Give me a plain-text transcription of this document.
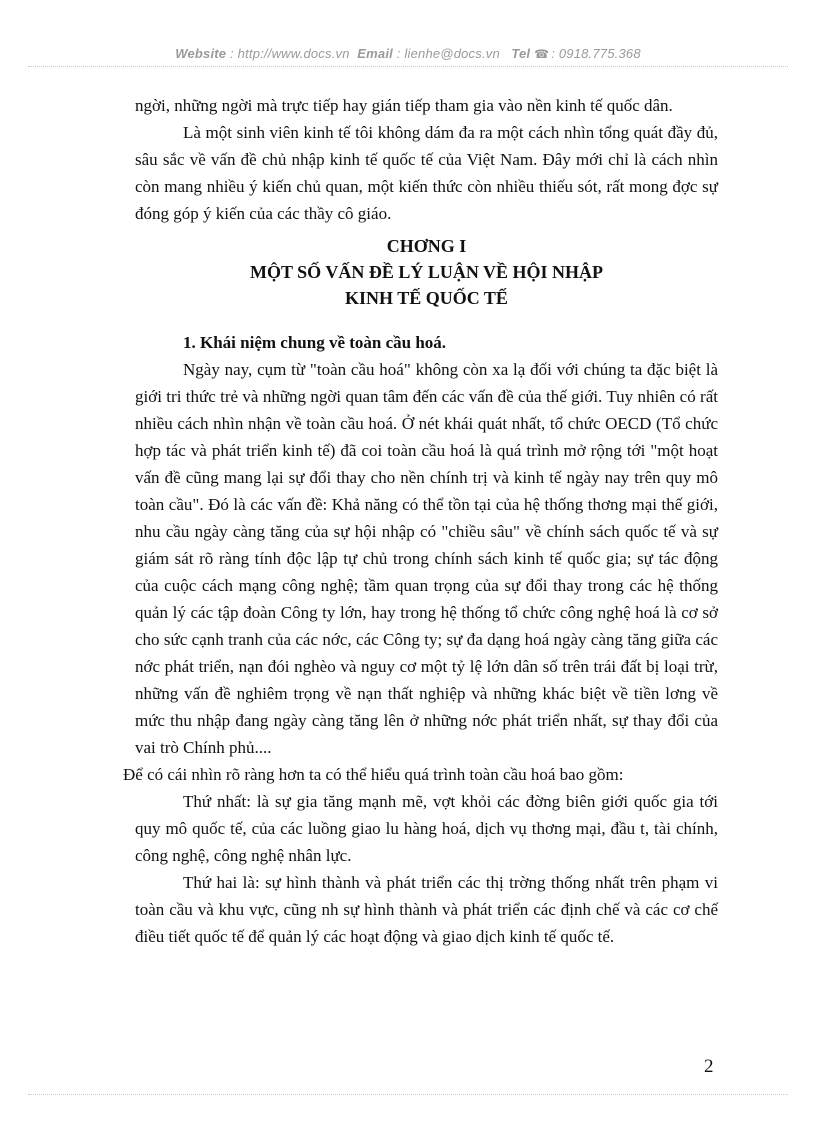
Website : http://www.docs.vn Email : lienhe@docs.vn Tel ☎ : 0918.775.368

ngời, những ngời mà trực tiếp hay gián tiếp tham gia vào nền kinh tế quốc dân.

Là một sinh viên kinh tế tôi không dám đa ra một cách nhìn tổng quát đầy đủ, sâu sắc về vấn đề chủ nhập kinh tế quốc tế của Việt Nam. Đây mới chỉ là cách nhìn còn mang nhiều ý kiến chủ quan, một kiến thức còn nhiều thiếu sót, rất mong đợc sự đóng góp ý kiến của các thầy cô giáo.

CHƠNG I
MỘT SỐ VẤN ĐỀ LÝ LUẬN VỀ HỘI NHẬP
KINH TẾ QUỐC TẾ

1. Khái niệm chung về toàn cầu hoá.

Ngày nay, cụm từ "toàn cầu hoá" không còn xa lạ đối với chúng ta đặc biệt là giới tri thức trẻ và những ngời quan tâm đến các vấn đề của thế giới. Tuy nhiên có rất nhiều cách nhìn nhận về toàn cầu hoá. Ở nét khái quát nhất, tổ chức OECD (Tổ chức hợp tác và phát triển kinh tế) đã coi toàn cầu hoá là quá trình mở rộng tới "một hoạt vấn đề cũng mang lại sự đổi thay cho nền chính trị và kinh tế ngày nay trên quy mô toàn cầu". Đó là các vấn đề: Khả năng có thể tồn tại của hệ thống thơng mại thế giới, nhu cầu ngày càng tăng của sự hội nhập có "chiều sâu" về chính sách quốc tế và sự giám sát rõ ràng tính độc lập tự chủ trong chính sách kinh tế quốc gia; sự tác động của cuộc cách mạng công nghệ; tầm quan trọng của sự đổi thay trong các hệ thống quản lý các tập đoàn Công ty lớn, hay trong hệ thống tổ chức công nghệ hoá là cơ sở cho sức cạnh tranh của các nớc, các Công ty; sự đa dạng hoá ngày càng tăng giữa các nớc phát triển, nạn đói nghèo và nguy cơ một tỷ lệ lớn dân số trên trái đất bị loại trừ, những vấn đề nghiêm trọng về nạn thất nghiệp và những khác biệt về tiền lơng về mức thu nhập đang ngày càng tăng lên ở những nớc phát triển nhất, sự thay đổi của vai trò Chính phủ....

Để có cái nhìn rõ ràng hơn ta có thể hiểu quá trình toàn cầu hoá bao gồm:

Thứ nhất: là sự gia tăng mạnh mẽ, vợt khỏi các đờng biên giới quốc gia tới quy mô quốc tế, của các luồng giao lu hàng hoá, dịch vụ thơng mại, đầu t, tài chính, công nghệ, công nghệ nhân lực.

Thứ hai là: sự hình thành và phát triển các thị trờng thống nhất trên phạm vi toàn cầu và khu vực, cũng nh sự hình thành và phát triển các định chế và các cơ chế điều tiết quốc tế để quản lý các hoạt động và giao dịch kinh tế quốc tế.

2
